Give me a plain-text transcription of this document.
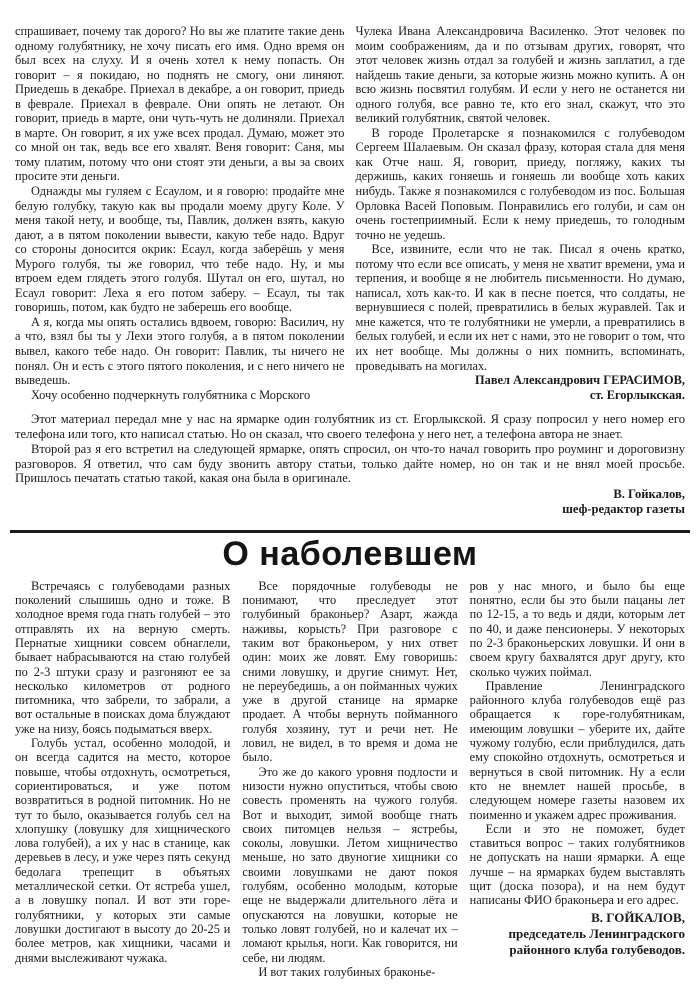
спрашивает, почему так дорого? Но вы же платите такие день одному голубятнику, не хочу писать его имя. Одно время он был всех на слуху. И я очень хотел к нему попасть. Он говорит – я покидаю, но поднять не смогу, они линяют. Приедешь в декабре. Приехал в декабре, а он говорит, приедь в феврале. Приехал в феврале. Они опять не летают. Он говорит, приедь в марте, они чуть-чуть не долиняли. Приехал в марте. Он говорит, я их уже всех продал. Думаю, может это со мной он так, ведь все его хвалят. Веня говорит: Саня, мы тому платим, потому что они стоят эти деньги, а вы за своих просите эти деньги.

Однажды мы гуляем с Есаулом, и я говорю: продайте мне белую голубку, такую как вы продали моему другу Коле. У меня такой нету, и вообще, ты, Павлик, должен взять, какую дают, а в пятом поколении вывести, какую тебе надо. Вдруг со стороны доносится окрик: Есаул, когда заберёшь у меня Мурого голубя, ты же говорил, что тебе надо. Ну, и мы втроем едем глядеть этого голубя. Шутал он его, шутал, но Есаул говорит: Леха я его потом заберу. – Есаул, ты так говоришь, потом, как будто не заберешь его вообще.

А я, когда мы опять остались вдвоем, говорю: Василич, ну а что, взял бы ты у Лехи этого голубя, а в пятом поколении вывел, какого тебе надо. Он говорит: Павлик, ты ничего не понял. Он и есть с этого пятого поколения, и с него ничего не выведешь.

Хочу особенно подчеркнуть голубятника с Морского

Чулека Ивана Александровича Василенко. Этот человек по моим соображениям, да и по отзывам других, говорят, что этот человек жизнь отдал за голубей и жизнь заплатил, а где найдешь такие деньги, за которые жизнь можно купить. А он всю жизнь посвятил голубям. И если у него не останется ни одного голубя, все равно те, кто его знал, скажут, что это великий голубятник, святой человек.

В городе Пролетарске я познакомился с голубеводом Сергеем Шалаевым. Он сказал фразу, которая стала для меня как Отче наш. Я, говорит, приеду, погляжу, каких ты держишь, каких гоняешь и гоняешь ли вообще хоть каких нибудь. Также я познакомился с голубеводом из пос. Большая Орловка Васей Поповым. Понравились его голуби, и сам он очень гостеприимный. Если к нему приедешь, то голодным точно не уедешь.

Все, извините, если что не так. Писал я очень кратко, потому что если все описать, у меня не хватит времени, ума и терпения, и вообще я не любитель письменности. Но думаю, написал, хоть как-то. И как в песне поется, что солдаты, не вернувшиеся с полей, превратились в белых журавлей. Так и мне кажется, что те голубятники не умерли, а превратились в белых голубей, и если их нет с нами, это не говорит о том, что их нет вообще. Мы должны о них помнить, вспоминать, проведывать на могилах.

Павел Александрович ГЕРАСИМОВ,
ст. Егорлыкская.

Этот материал передал мне у нас на ярмарке один голубятник из ст. Егорлыкской. Я сразу попросил у него номер его телефона или того, кто написал статью. Но он сказал, что своего телефона у него нет, а телефона автора не знает.

Второй раз я его встретил на следующей ярмарке, опять спросил, он что-то начал говорить про роуминг и дороговизну разговоров. Я ответил, что сам буду звонить автору статьи, только дайте номер, но он так и не внял моей просьбе. Пришлось печатать статью такой, какая она была в оригинале.

В. Гойкалов,
шеф-редактор газеты
О наболевшем

Встречаясь с голубеводами разных поколений слышишь одно и тоже. В холодное время года гнать голубей – это отправлять их на верную смерть. Пернатые хищники совсем обнаглели, бывает набрасываются на стаю голубей по 2-3 штуки сразу и разгоняют ее за несколько километров от родного питомника, что забрели, то забрали, а вот остальные в поисках дома блуждают уже на низу, боясь подыматься вверх.

Голубь устал, особенно молодой, и он всегда садится на место, которое повыше, чтобы отдохнуть, осмотреться, сориентироваться, и уже потом возвратиться в родной питомник. Но не тут то было, оказывается голубь сел на хлопушку (ловушку для хищнического лова голубей), а их у нас в станице, как деревьев в лесу, и уже через пять секунд бедолага трепещит в объятьях металлической сетки. От ястреба ушел, а в ловушку попал. И вот эти горе-голубятники, у которых эти самые ловушки достигают в высоту до 20-25 и более метров, как хищники, часами и днями выслеживают чужака.

Все порядочные голубеводы не понимают, что преследует этот голубиный браконьер? Азарт, жажда наживы, корысть? При разговоре с таким вот браконьером, у них ответ один: моих же ловят. Ему говоришь: сними ловушку, и другие снимут. Нет, не переубедишь, а он пойманных чужих уже в другой станице на ярмарке продает. А чтобы вернуть пойманного голубя хозяину, тут и речи нет. Не ловил, не видел, в то время и дома не было.

Это же до какого уровня подлости и низости нужно опуститься, чтобы свою совесть променять на чужого голубя. Вот и выходит, зимой вообще гнать своих питомцев нельзя – ястребы, соколы, ловушки. Летом хищничество меньше, но зато двуногие хищники со своими ловушками не дают покоя голубям, особенно молодым, которые еще не выдержали длительного лёта и опускаются на ловушки, которые не только ловят голубей, но и калечат их – ломают крылья, ноги. Как говорится, ни себе, ни людям.

И вот таких голубиных браконье-

ров у нас много, и было бы еще понятно, если бы это были пацаны лет по 12-15, а то ведь и дяди, которым лет по 40, и даже пенсионеры. У некоторых по 2-3 браконьерских ловушки. И они в своем кругу бахвалятся друг другу, кто сколько чужих поймал.

Правление Ленинградского районного клуба голубеводов ещё раз обращается к горе-голубятникам, имеющим ловушки – уберите их, дайте чужому голубю, если приблудился, дать ему спокойно отдохнуть, осмотреться и вернуться в свой питомник. Ну а если кто не внемлет нашей просьбе, в следующем номере газеты назовем их поименно и укажем адрес проживания.

Если и это не поможет, будет ставиться вопрос – таких голубятников не допускать на наши ярмарки. А еще лучше – на ярмарках будем выставлять щит (доска позора), и на нем будут написаны ФИО браконьера и его адрес.

В. ГОЙКАЛОВ,
председатель Ленинградского
районного клуба голубеводов.
